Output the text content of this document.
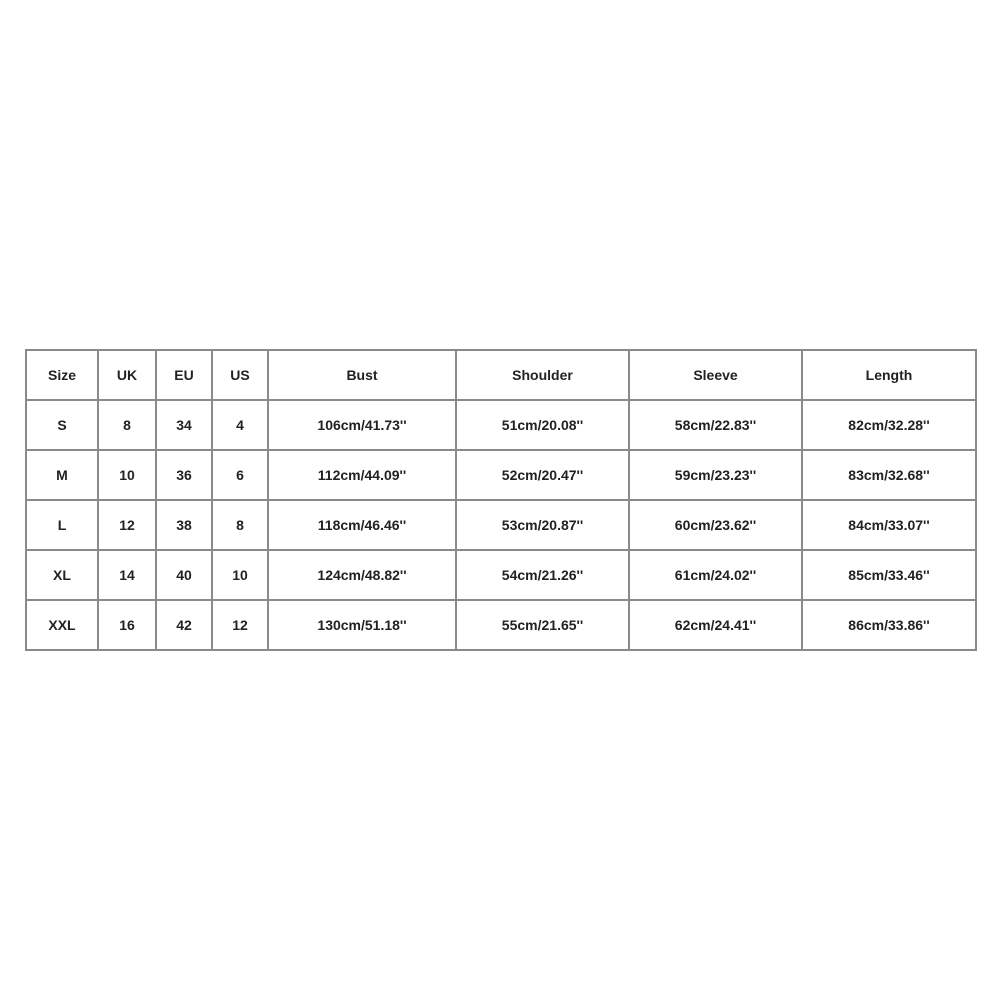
Size	UK	EU	US	Bust	Shoulder	Sleeve	Length
S	8	34	4	106cm/41.73''	51cm/20.08''	58cm/22.83''	82cm/32.28''
M	10	36	6	112cm/44.09''	52cm/20.47''	59cm/23.23''	83cm/32.68''
L	12	38	8	118cm/46.46''	53cm/20.87''	60cm/23.62''	84cm/33.07''
XL	14	40	10	124cm/48.82''	54cm/21.26''	61cm/24.02''	85cm/33.46''
XXL	16	42	12	130cm/51.18''	55cm/21.65''	62cm/24.41''	86cm/33.86''
